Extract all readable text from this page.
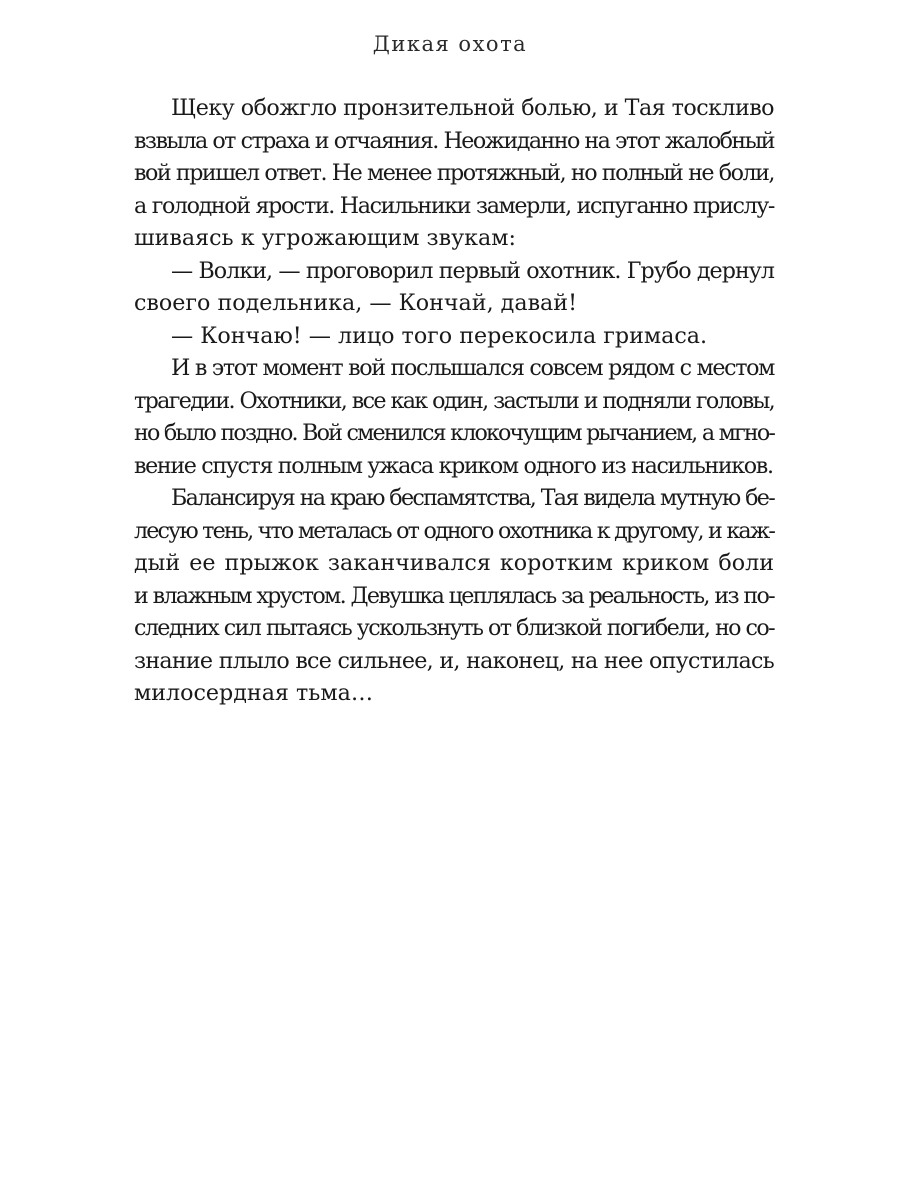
Дикая охота
Щеку обожгло пронзительной болью, и Тая тоскливо
взвыла от страха и отчаяния. Неожиданно на этот жалобный
вой пришел ответ. Не менее протяжный, но полный не боли,
а голодной ярости. Насильники замерли, испуганно прислу-
шиваясь к угрожающим звукам:
— Волки, — проговорил первый охотник. Грубо дернул
своего подельника, — Кончай, давай!
— Кончаю! — лицо того перекосила гримаса.
И в этот момент вой послышался совсем рядом с местом
трагедии. Охотники, все как один, застыли и подняли головы,
но было поздно. Вой сменился клокочущим рычанием, а мгно-
вение спустя полным ужаса криком одного из насильников.
Балансируя на краю беспамятства, Тая видела мутную бе-
лесую тень, что металась от одного охотника к другому, и каж-
дый ее прыжок заканчивался коротким криком боли
и влажным хрустом. Девушка цеплялась за реальность, из по-
следних сил пытаясь ускользнуть от близкой погибели, но со-
знание плыло все сильнее, и, наконец, на нее опустилась
милосердная тьма…
